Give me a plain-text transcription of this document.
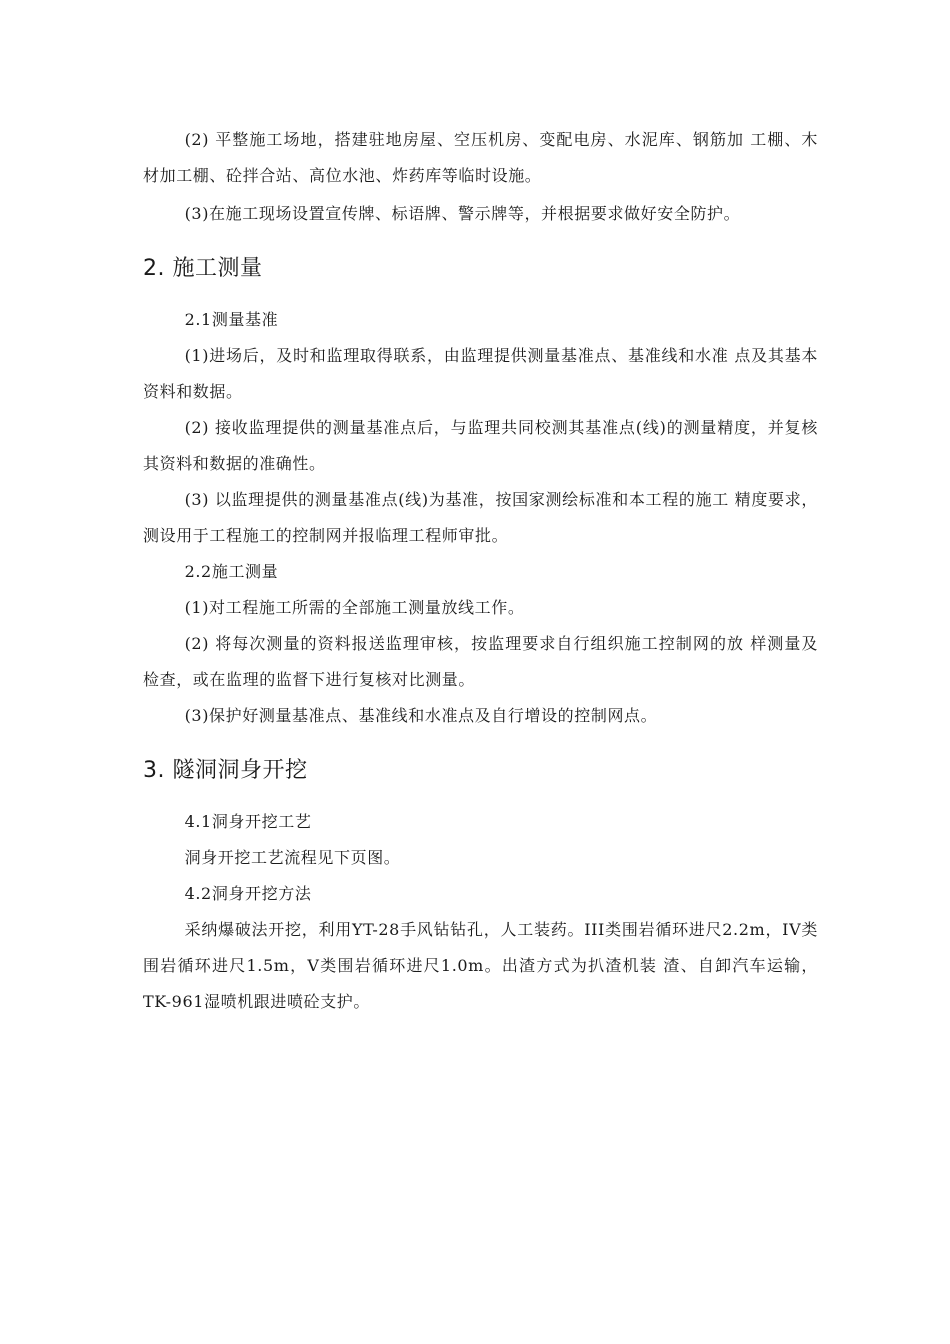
(2) 平整施工场地，搭建驻地房屋、空压机房、变配电房、水泥库、钢筋加 工棚、木材加工棚、砼拌合站、高位水池、炸药库等临时设施。

(3)在施工现场设置宣传牌、标语牌、警示牌等，并根据要求做好安全防护。

2. 施工测量

2.1测量基准

(1)进场后，及时和监理取得联系，由监理提供测量基准点、基准线和水准 点及其基本资料和数据。

(2) 接收监理提供的测量基准点后，与监理共同校测其基准点(线)的测量精度，并复核其资料和数据的准确性。

(3) 以监理提供的测量基准点(线)为基准，按国家测绘标准和本工程的施工 精度要求，测设用于工程施工的控制网并报临理工程师审批。

2.2施工测量

(1)对工程施工所需的全部施工测量放线工作。

(2) 将每次测量的资料报送监理审核，按监理要求自行组织施工控制网的放 样测量及检查，或在监理的监督下进行复核对比测量。

(3)保护好测量基准点、基准线和水准点及自行增设的控制网点。

3. 隧洞洞身开挖

4.1洞身开挖工艺

洞身开挖工艺流程见下页图。

4.2洞身开挖方法

采纳爆破法开挖，利用YT-28手风钻钻孔，人工装药。III类围岩循环进尺2.2m，IV类围岩循环进尺1.5m，V类围岩循环进尺1.0m。出渣方式为扒渣机装 渣、自卸汽车运输，TK-961湿喷机跟进喷砼支护。
